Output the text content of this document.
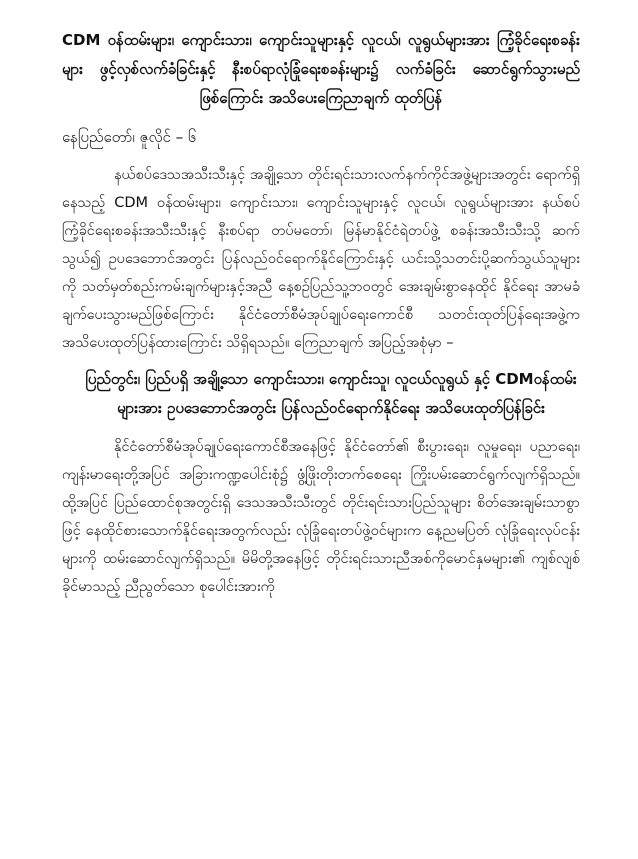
CDM ဝန်ထမ်းများ၊ ကျောင်းသား၊ ကျောင်းသူများနှင့် လူငယ်၊ လူရွယ်များအား ကြံ့ခိုင်ရေးစခန်းများ ဖွင့်လှစ်လက်ခံခြင်းနှင့် နီးစပ်ရာလုံခြုံရေးစခန်းများ၌ လက်ခံခြင်း ဆောင်ရွက်သွားမည်ဖြစ်ကြောင်း အသိပေးကြေညာချက် ထုတ်ပြန်

နေပြည်တော်၊ ဇူလိုင် – ၆

နယ်စပ်ဒေသအသီးသီးနှင့် အချို့သော တိုင်းရင်းသားလက်နက်ကိုင်အဖွဲ့များအတွင်း ရောက်ရှိနေသည့် CDM ဝန်ထမ်းများ၊ ကျောင်းသား၊ ကျောင်းသူများနှင့် လူငယ်၊ လူရွယ်များအား နယ်စပ်ကြံ့ခိုင်ရေးစခန်းအသီးသီးနှင့် နီးစပ်ရာ တပ်မတော်၊ မြန်မာနိုင်ငံရဲတပ်ဖွဲ့ စခန်းအသီးသီးသို့ ဆက်သွယ်၍ ဥပဒေဘောင်အတွင်း ပြန်လည်ဝင်ရောက်နိုင်ကြောင်းနှင့် ယင်းသို့သတင်းပို့ဆက်သွယ်သူများကို သတ်မှတ်စည်းကမ်းချက်များနှင့်အညီ နေ့စဉ်ပြည်သူ့ဘဝတွင် အေးချမ်းစွာနေထိုင် နိုင်ရေး အာမခံချက်ပေးသွားမည်ဖြစ်ကြောင်း နိုင်ငံတော်စီမံအုပ်ချုပ်ရေးကောင်စီ သတင်းထုတ်ပြန်ရေးအဖွဲ့က အသိပေးထုတ်ပြန်ထားကြောင်း သိရှိရသည်။ ကြေညာချက် အပြည့်အစုံမှာ –

ပြည်တွင်း၊ ပြည်ပရှိ အချို့သော ကျောင်းသား၊ ကျောင်းသူ၊ လူငယ်လူရွယ် နှင့် CDMဝန်ထမ်းများအား ဥပဒေဘောင်အတွင်း ပြန်လည်ဝင်ရောက်နိုင်ရေး အသိပေးထုတ်ပြန်ခြင်း

နိုင်ငံတော်စီမံအုပ်ချုပ်ရေးကောင်စီအနေဖြင့် နိုင်ငံတော်၏ စီးပွားရေး၊ လူမှုရေး၊ ပညာရေး၊ ကျန်းမာရေးတို့အပြင် အခြားကဏ္ဍပေါင်းစုံ၌ ဖွံ့ဖြိုးတိုးတက်စေရေး ကြိုးပမ်းဆောင်ရွက်လျက်ရှိသည်။ ထို့အပြင် ပြည်ထောင်စုအတွင်းရှိ ဒေသအသီးသီးတွင် တိုင်းရင်းသားပြည်သူများ စိတ်အေးချမ်းသာစွာဖြင့် နေထိုင်စားသောက်နိုင်ရေးအတွက်လည်း လုံခြုံရေးတပ်ဖွဲ့ဝင်များက နေ့ညမပြတ် လုံခြုံရေးလုပ်ငန်းများကို ထမ်းဆောင်လျက်ရှိသည်။ မိမိတို့အနေဖြင့် တိုင်းရင်းသားညီအစ်ကိုမောင်နှမများ၏ ကျစ်လျစ်ခိုင်မာသည့် ညီညွတ်သော စုပေါင်းအားကို
